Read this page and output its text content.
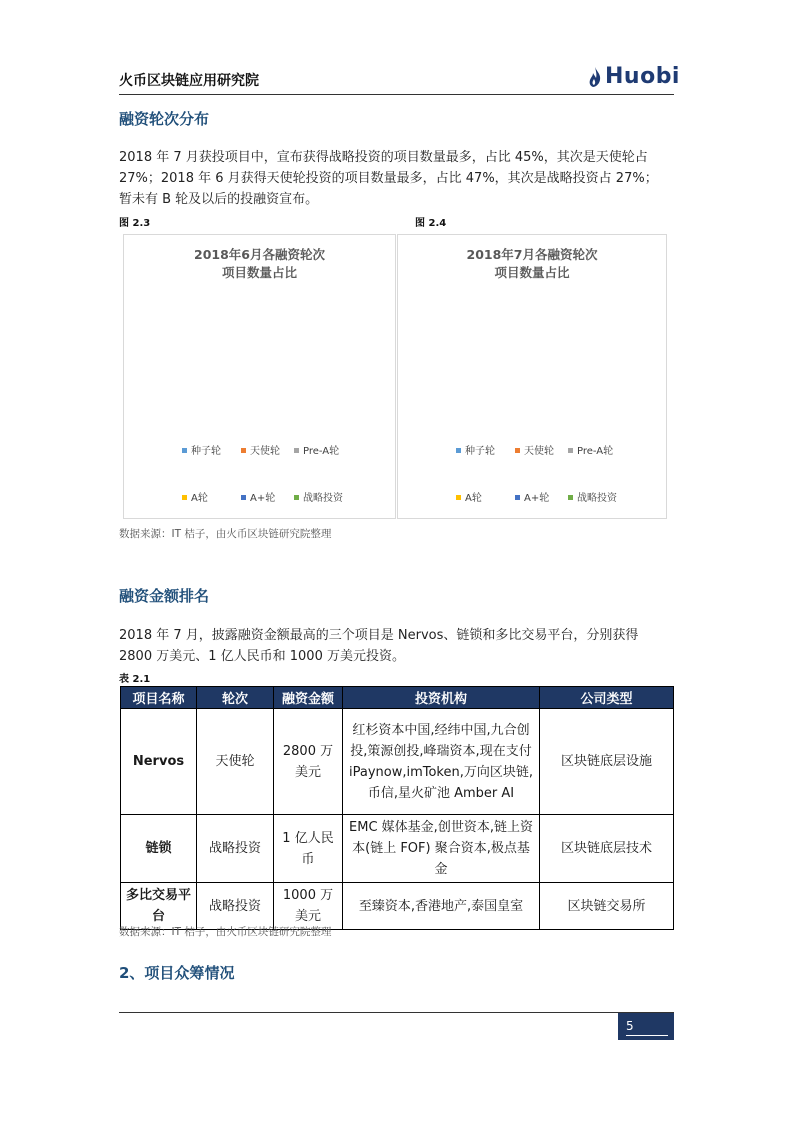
火币区块链应用研究院	Huobi
融资轮次分布
2018 年 7 月获投项目中，宣布获得战略投资的项目数量最多，占比 45%，其次是天使轮占
27%；2018 年 6 月获得天使轮投资的项目数量最多，占比 47%，其次是战略投资占 27%；
暂未有 B 轮及以后的投融资宣布。
图 2.3	图 2.4
2018年6月各融资轮次
项目数量占比
种子轮	天使轮 Pre-A轮
A轮	A+轮	战略投资
2018年7月各融资轮次
项目数量占比
种子轮	天使轮 Pre-A轮
A轮	A+轮	战略投资
数据来源：IT 桔子，由火币区块链研究院整理
融资金额排名
2018 年 7 月，披露融资金额最高的三个项目是 Nervos、链锁和多比交易平台，分别获得
2800 万美元、1 亿人民币和 1000 万美元投资。
表 2.1
项目名称	轮次	融资金额	投资机构	公司类型
Nervos	天使轮	2800 万美元	红杉资本中国,经纬中国,九合创投,策源创投,峰瑞资本,现在支付 iPaynow,imToken,万向区块链,币信,星火矿池 Amber AI	区块链底层设施
链锁	战略投资	1 亿人民币	EMC 媒体基金,创世资本,链上资本(链上 FOF) 聚合资本,极点基金	区块链底层技术
多比交易平台	战略投资	1000 万美元	至臻资本,香港地产,泰国皇室	区块链交易所
数据来源：IT 桔子，由火币区块链研究院整理
2、项目众筹情况
5
